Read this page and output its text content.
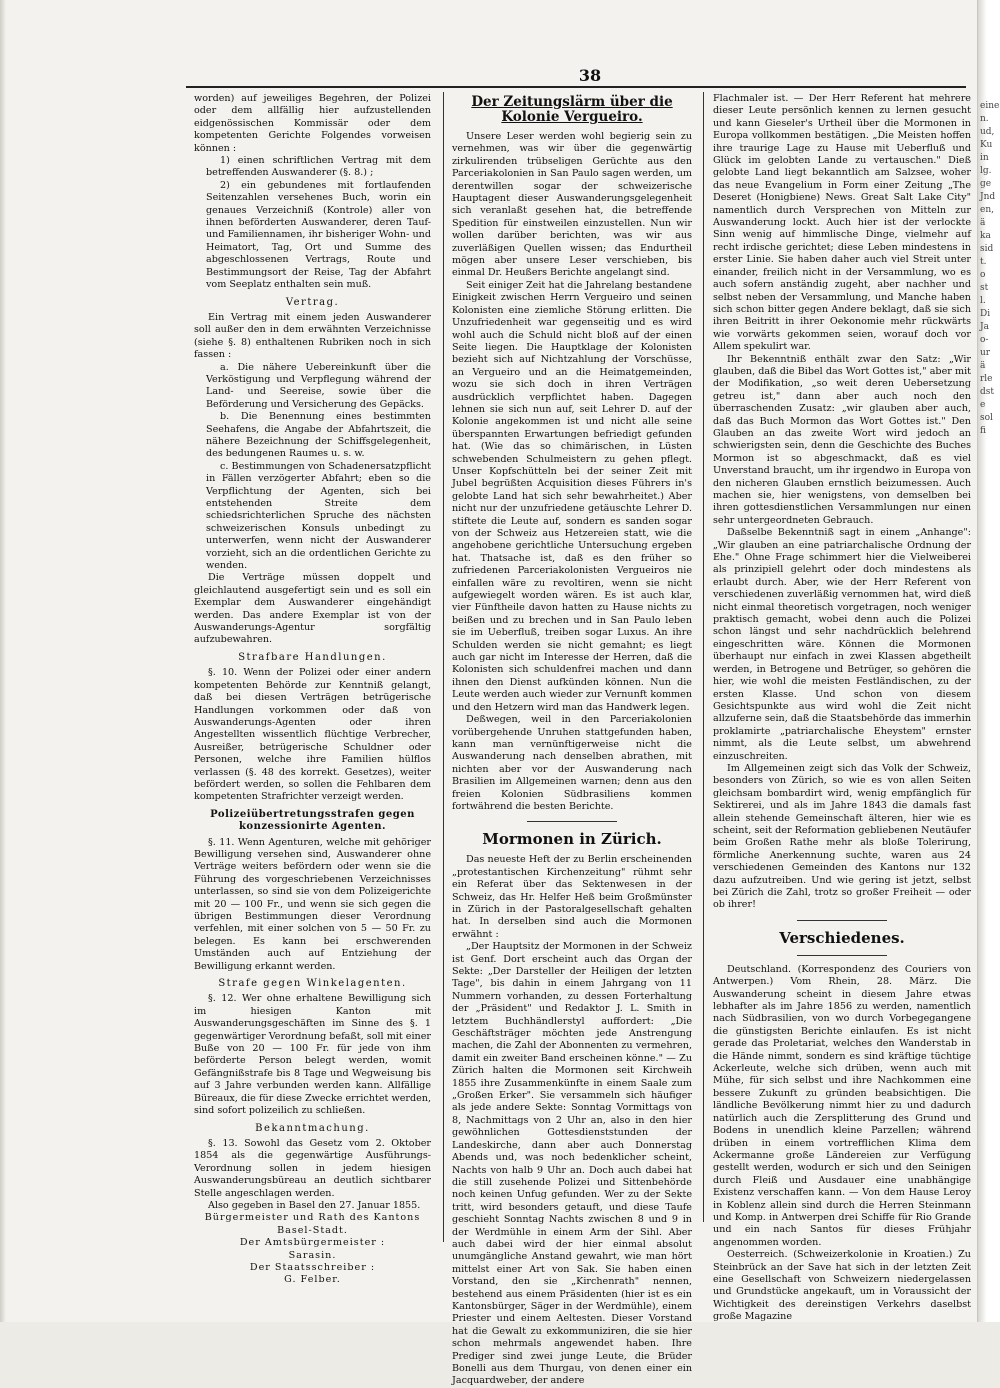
eine
n.
ud,
Ku
in
lg.
ge
Jnd
en,
ä
ka
sid
t.
o
st
l.
Di
Ja
o-
ur
ä
rle
dst
e
sol
fi
38

worden) auf jeweiliges Begehren, der Polizei oder dem allfällig hier aufzustellenden eidgenössischen Kommissär oder dem kompetenten Gerichte Folgendes vorweisen können :

1) einen schriftlichen Vertrag mit dem betreffenden Auswanderer (§. 8.) ;

2) ein gebundenes mit fortlaufenden Seitenzahlen versehenes Buch, worin ein genaues Verzeichniß (Kontrole) aller von ihnen beförderten Auswanderer, deren Tauf- und Familiennamen, ihr bisheriger Wohn- und Heimatort, Tag, Ort und Summe des abgeschlossenen Vertrags, Route und Bestimmungsort der Reise, Tag der Abfahrt vom Seeplatz enthalten sein muß.

Vertrag.

Ein Vertrag mit einem jeden Auswanderer soll außer den in dem erwähnten Verzeichnisse (siehe §. 8) enthaltenen Rubriken noch in sich fassen :

a. Die nähere Uebereinkunft über die Verköstigung und Verpflegung während der Land- und Seereise, sowie über die Beförderung und Versicherung des Gepäcks.

b. Die Benennung eines bestimmten Seehafens, die Angabe der Abfahrtszeit, die nähere Bezeichnung der Schiffsgelegenheit, des bedungenen Raumes u. s. w.

c. Bestimmungen von Schadenersatzpflicht in Fällen verzögerter Abfahrt; eben so die Verpflichtung der Agenten, sich bei entstehenden Streite dem schiedsrichterlichen Spruche des nächsten schweizerischen Konsuls unbedingt zu unterwerfen, wenn nicht der Auswanderer vorzieht, sich an die ordentlichen Gerichte zu wenden.

Die Verträge müssen doppelt und gleichlautend ausgefertigt sein und es soll ein Exemplar dem Auswanderer eingehändigt werden. Das andere Exemplar ist von der Auswanderungs-Agentur sorgfältig aufzubewahren.

Strafbare Handlungen.

§. 10. Wenn der Polizei oder einer andern kompetenten Behörde zur Kenntniß gelangt, daß bei diesen Verträgen betrügerische Handlungen vorkommen oder daß von Auswanderungs-Agenten oder ihren Angestellten wissentlich flüchtige Verbrecher, Ausreißer, betrügerische Schuldner oder Personen, welche ihre Familien hülflos verlassen (§. 48 des korrekt. Gesetzes), weiter befördert werden, so sollen die Fehlbaren dem kompetenten Strafrichter verzeigt werden.

Polizeiübertretungsstrafen gegen konzessionirte Agenten.

§. 11. Wenn Agenturen, welche mit gehöriger Bewilligung versehen sind, Auswanderer ohne Verträge weiters befördern oder wenn sie die Führung des vorgeschriebenen Verzeichnisses unterlassen, so sind sie von dem Polizeigerichte mit 20 — 100 Fr., und wenn sie sich gegen die übrigen Bestimmungen dieser Verordnung verfehlen, mit einer solchen von 5 — 50 Fr. zu belegen. Es kann bei erschwerenden Umständen auch auf Entziehung der Bewilligung erkannt werden.

Strafe gegen Winkelagenten.

§. 12. Wer ohne erhaltene Bewilligung sich im hiesigen Kanton mit Auswanderungsgeschäften im Sinne des §. 1 gegenwärtiger Verordnung befaßt, soll mit einer Buße von 20 — 100 Fr. für jede von ihm beförderte Person belegt werden, womit Gefängnißstrafe bis 8 Tage und Wegweisung bis auf 3 Jahre verbunden werden kann. Allfällige Büreaux, die für diese Zwecke errichtet werden, sind sofort polizeilich zu schließen.

Bekanntmachung.

§. 13. Sowohl das Gesetz vom 2. Oktober 1854 als die gegenwärtige Ausführungs-Verordnung sollen in jedem hiesigen Auswanderungsbüreau an deutlich sichtbarer Stelle angeschlagen werden.

Also gegeben in Basel den 27. Januar 1855.

Bürgermeister und Rath des Kantons Basel-Stadt.
Der Amtsbürgermeister :
Sarasin.
Der Staatsschreiber :
G. Felber.
Der Zeitungslärm über die Kolonie Vergueiro.

Unsere Leser werden wohl begierig sein zu vernehmen, was wir über die gegenwärtig zirkulirenden trübseligen Gerüchte aus den Parceriakolonien in San Paulo sagen werden, um derentwillen sogar der schweizerische Hauptagent dieser Auswanderungsgelegenheit sich veranlaßt gesehen hat, die betreffende Spedition für einstweilen einzustellen. Nun wir wollen darüber berichten, was wir aus zuverläßigen Quellen wissen; das Endurtheil mögen aber unsere Leser verschieben, bis einmal Dr. Heußers Berichte angelangt sind.

Seit einiger Zeit hat die Jahrelang bestandene Einigkeit zwischen Herrn Vergueiro und seinen Kolonisten eine ziemliche Störung erlitten. Die Unzufriedenheit war gegenseitig und es wird wohl auch die Schuld nicht bloß auf der einen Seite liegen. Die Hauptklage der Kolonisten bezieht sich auf Nichtzahlung der Vorschüsse, an Vergueiro und an die Heimatgemeinden, wozu sie sich doch in ihren Verträgen ausdrücklich verpflichtet haben. Dagegen lehnen sie sich nun auf, seit Lehrer D. auf der Kolonie angekommen ist und nicht alle seine überspannten Erwartungen befriedigt gefunden hat. (Wie das so chimärischen, in Lüsten schwebenden Schulmeistern zu gehen pflegt. Unser Kopfschütteln bei der seiner Zeit mit Jubel begrüßten Acquisition dieses Führers in's gelobte Land hat sich sehr bewahrheitet.) Aber nicht nur der unzufriedene getäuschte Lehrer D. stiftete die Leute auf, sondern es sanden sogar von der Schweiz aus Hetzereien statt, wie die angehobene gerichtliche Untersuchung ergeben hat. Thatsache ist, daß es den früher so zufriedenen Parceriakolonisten Vergueiros nie einfallen wäre zu revoltiren, wenn sie nicht aufgewiegelt worden wären. Es ist auch klar, vier Fünftheile davon hatten zu Hause nichts zu beißen und zu brechen und in San Paulo leben sie im Ueberfluß, treiben sogar Luxus. An ihre Schulden werden sie nicht gemahnt; es liegt auch gar nicht im Interesse der Herren, daß die Kolonisten sich schuldenfrei machen und dann ihnen den Dienst aufkünden können. Nun die Leute werden auch wieder zur Vernunft kommen und den Hetzern wird man das Handwerk legen.

Deßwegen, weil in den Parceriakolonien vorübergehende Unruhen stattgefunden haben, kann man vernünftigerweise nicht die Auswanderung nach denselben abrathen, mit nichten aber vor der Auswanderung nach Brasilien im Allgemeinen warnen; denn aus den freien Kolonien Südbrasiliens kommen fortwährend die besten Berichte.

Mormonen in Zürich.

Das neueste Heft der zu Berlin erscheinenden „protestantischen Kirchenzeitung" rühmt sehr ein Referat über das Sektenwesen in der Schweiz, das Hr. Helfer Heß beim Großmünster in Zürich in der Pastoralgesellschaft gehalten hat. In derselben sind auch die Mormonen erwähnt :

„Der Hauptsitz der Mormonen in der Schweiz ist Genf. Dort erscheint auch das Organ der Sekte: „Der Darsteller der Heiligen der letzten Tage", bis dahin in einem Jahrgang von 11 Nummern vorhanden, zu dessen Forterhaltung der „Präsident" und Redaktor J. L. Smith in letztem Buchhändlerstyl auffordert: „Die Geschäftsträger möchten jede Anstrengung machen, die Zahl der Abonnenten zu vermehren, damit ein zweiter Band erscheinen könne." — Zu Zürich halten die Mormonen seit Kirchweih 1855 ihre Zusammenkünfte in einem Saale zum „Großen Erker". Sie versammeln sich häufiger als jede andere Sekte: Sonntag Vormittags von 8, Nachmittags von 2 Uhr an, also in den hier gewöhnlichen Gottesdienststunden der Landeskirche, dann aber auch Donnerstag Abends und, was noch bedenklicher scheint, Nachts von halb 9 Uhr an. Doch auch dabei hat die still zusehende Polizei und Sittenbehörde noch keinen Unfug gefunden. Wer zu der Sekte tritt, wird besonders getauft, und diese Taufe geschieht Sonntag Nachts zwischen 8 und 9 in der Werdmühle in einem Arm der Sihl. Aber auch dabei wird der hier einmal absolut unumgängliche Anstand gewahrt, wie man hört mittelst einer Art von Sak. Sie haben einen Vorstand, den sie „Kirchenrath" nennen, bestehend aus einem Präsidenten (hier ist es ein Kantonsbürger, Säger in der Werdmühle), einem Priester und einem Aeltesten. Dieser Vorstand hat die Gewalt zu exkommuniziren, die sie hier schon mehrmals angewendet haben. Ihre Prediger sind zwei junge Leute, die Brüder Bonelli aus dem Thurgau, von denen einer ein Jacquardweber, der andere

Flachmaler ist. — Der Herr Referent hat mehrere dieser Leute persönlich kennen zu lernen gesucht und kann Gieseler's Urtheil über die Mormonen in Europa vollkommen bestätigen. „Die Meisten hoffen ihre traurige Lage zu Hause mit Ueberfluß und Glück im gelobten Lande zu vertauschen." Dieß gelobte Land liegt bekanntlich am Salzsee, woher das neue Evangelium in Form einer Zeitung „The Deseret (Honigbiene) News. Great Salt Lake City" namentlich durch Versprechen von Mitteln zur Auswanderung lockt. Auch hier ist der verlockte Sinn wenig auf himmlische Dinge, vielmehr auf recht irdische gerichtet; diese Leben mindestens in erster Linie. Sie haben daher auch viel Streit unter einander, freilich nicht in der Versammlung, wo es auch sofern anständig zugeht, aber nachher und selbst neben der Versammlung, und Manche haben sich schon bitter gegen Andere beklagt, daß sie sich ihren Beitritt in ihrer Oekonomie mehr rückwärts wie vorwärts gekommen seien, worauf doch vor Allem spekulirt war.

Ihr Bekenntniß enthält zwar den Satz: „Wir glauben, daß die Bibel das Wort Gottes ist," aber mit der Modifikation, „so weit deren Uebersetzung getreu ist," dann aber auch noch den überraschenden Zusatz: „wir glauben aber auch, daß das Buch Mormon das Wort Gottes ist." Den Glauben an das zweite Wort wird jedoch an schwierigsten sein, denn die Geschichte des Buches Mormon ist so abgeschmackt, daß es viel Unverstand braucht, um ihr irgendwo in Europa von den nicheren Glauben ernstlich beizumessen. Auch machen sie, hier wenigstens, von demselben bei ihren gottesdienstlichen Versammlungen nur einen sehr untergeordneten Gebrauch.

Daßselbe Bekenntniß sagt in einem „Anhange": „Wir glauben an eine patriarchalische Ordnung der Ehe." Ohne Frage schimmert hier die Vielweiberei als prinzipiell gelehrt oder doch mindestens als erlaubt durch. Aber, wie der Herr Referent von verschiedenen zuverläßig vernommen hat, wird dieß nicht einmal theoretisch vorgetragen, noch weniger praktisch gemacht, wobei denn auch die Polizei schon längst und sehr nachdrücklich belehrend eingeschritten wäre. Können die Mormonen überhaupt nur einfach in zwei Klassen abgetheilt werden, in Betrogene und Betrüger, so gehören die hier, wie wohl die meisten Festländischen, zu der ersten Klasse. Und schon von diesem Gesichtspunkte aus wird wohl die Zeit nicht allzuferne sein, daß die Staatsbehörde das immerhin proklamirte „patriarchalische Eheystem" ernster nimmt, als die Leute selbst, um abwehrend einzuschreiten.

Im Allgemeinen zeigt sich das Volk der Schweiz, besonders von Zürich, so wie es von allen Seiten gleichsam bombardirt wird, wenig empfänglich für Sektirerei, und als im Jahre 1843 die damals fast allein stehende Gemeinschaft älteren, hier wie es scheint, seit der Reformation gebliebenen Neutäufer beim Großen Rathe mehr als bloße Tolerirung, förmliche Anerkennung suchte, waren aus 24 verschiedenen Gemeinden des Kantons nur 132 dazu aufzutreiben. Und wie gering ist jetzt, selbst bei Zürich die Zahl, trotz so großer Freiheit — oder ob ihrer!

Verschiedenes.

Deutschland. (Korrespondenz des Couriers von Antwerpen.) Vom Rhein, 28. März. Die Auswanderung scheint in diesem Jahre etwas lebhafter als im Jahre 1856 zu werden, namentlich nach Südbrasilien, von wo durch Vorbegegangene die günstigsten Berichte einlaufen. Es ist nicht gerade das Proletariat, welches den Wanderstab in die Hände nimmt, sondern es sind kräftige tüchtige Ackerleute, welche sich drüben, wenn auch mit Mühe, für sich selbst und ihre Nachkommen eine bessere Zukunft zu gründen beabsichtigen. Die ländliche Bevölkerung nimmt hier zu und dadurch natürlich auch die Zersplitterung des Grund und Bodens in unendlich kleine Parzellen; während drüben in einem vortrefflichen Klima dem Ackermanne große Ländereien zur Verfügung gestellt werden, wodurch er sich und den Seinigen durch Fleiß und Ausdauer eine unabhängige Existenz verschaffen kann. — Von dem Hause Leroy in Koblenz allein sind durch die Herren Steinmann und Komp. in Antwerpen drei Schiffe für Rio Grande und ein nach Santos für dieses Frühjahr angenommen worden.

Oesterreich. (Schweizerkolonie in Kroatien.) Zu Steinbrück an der Save hat sich in der letzten Zeit eine Gesellschaft von Schweizern niedergelassen und Grundstücke angekauft, um in Voraussicht der Wichtigkeit des dereinstigen Verkehrs daselbst große Magazine
